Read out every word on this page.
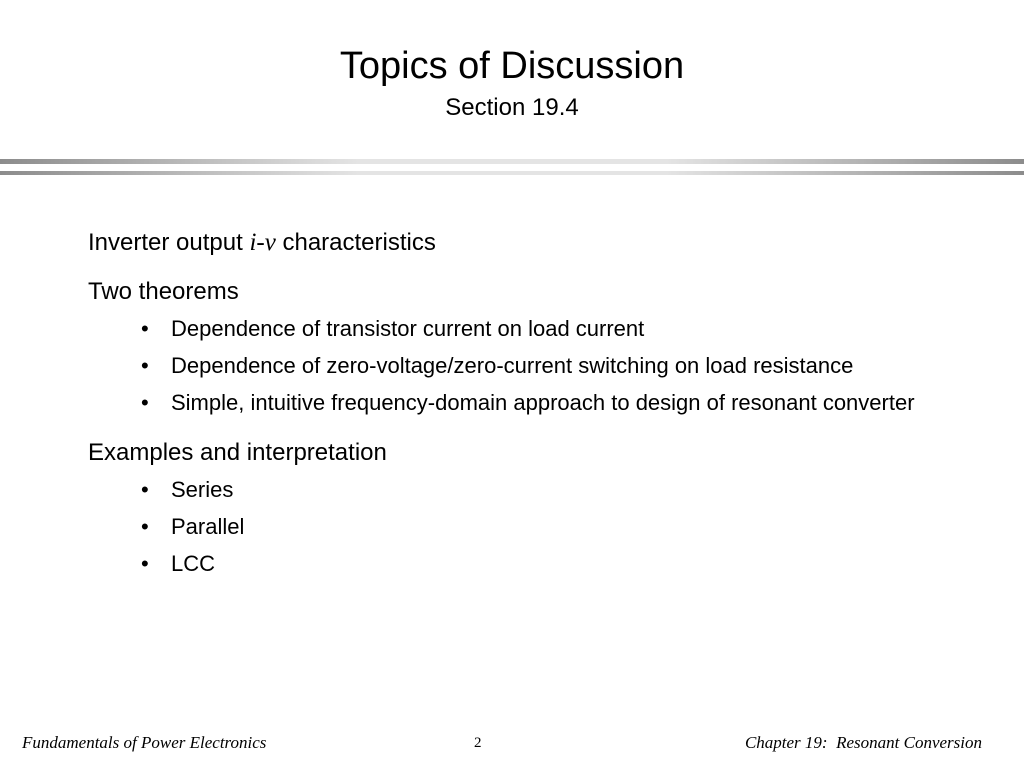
Topics of Discussion
Section 19.4
Inverter output i-v characteristics
Two theorems
• Dependence of transistor current on load current
• Dependence of zero-voltage/zero-current switching on load resistance
• Simple, intuitive frequency-domain approach to design of resonant converter
Examples and interpretation
• Series
• Parallel
• LCC
Fundamentals of Power Electronics	2	Chapter 19:  Resonant Conversion
